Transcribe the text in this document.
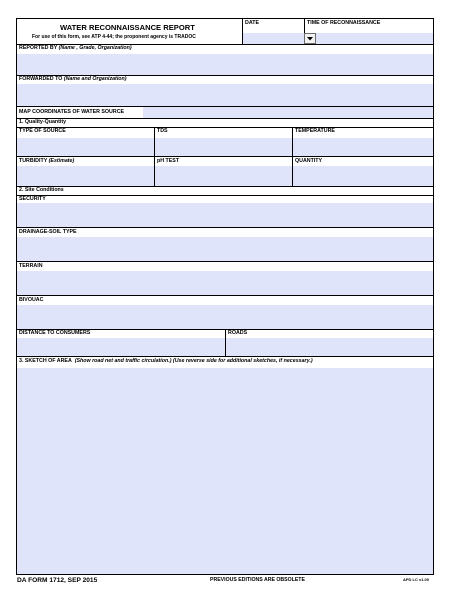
WATER RECONNAISSANCE REPORT
For use of this form, see ATP 4-44; the proponent agency is TRADOC
DATE	TIME OF RECONNAISSANCE
REPORTED BY (Name , Grade, Organization)
FORWARDED TO (Name and Organization)
MAP COORDINATES OF WATER SOURCE
1. Quality-Quantity
TYPE OF SOURCE	TDS	TEMPERATURE
TURBIDITY (Estimate)	pH TEST	QUANTITY
2. Site Conditions
SECURITY
DRAINAGE-SOIL TYPE
TERRAIN
BIVOUAC
DISTANCE TO CONSUMERS	ROADS
3. SKETCH OF AREA (Show road net and traffic circulation.) (Use reverse side for additional sketches, if necessary.)
DA FORM 1712, SEP 2015	PREVIOUS EDITIONS ARE OBSOLETE	APD LC v1.00
